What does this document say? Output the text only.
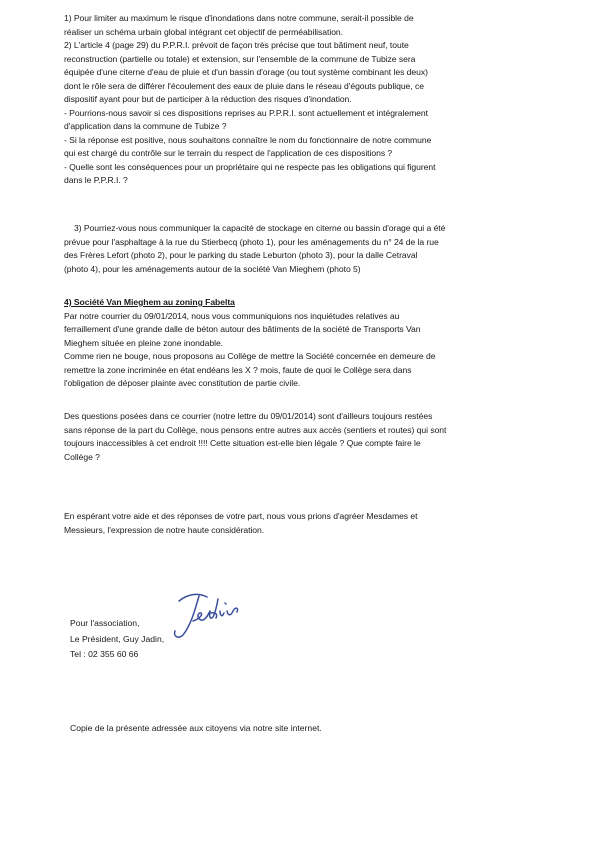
1) Pour limiter au maximum le risque d'inondations dans notre commune, serait-il possible de

réaliser un schéma urbain global intégrant cet objectif de perméabilisation.

2) L'article 4 (page 29) du P.P.R.I. prévoit de façon très précise que tout bâtiment neuf, toute

reconstruction (partielle ou totale) et extension, sur l'ensemble de la commune de Tubize sera

équipée d'une citerne d'eau de pluie et d'un bassin d'orage (ou tout système combinant les deux)

dont le rôle sera de différer l'écoulement des eaux de pluie dans le réseau d'égouts publique, ce

dispositif ayant pour but de participer à la réduction des risques d'inondation.

- Pourrions-nous savoir si ces dispositions reprises au P.P.R.I. sont actuellement et intégralement

d'application dans la commune de Tubize ?

- Si la réponse est positive, nous souhaitons connaître le nom du fonctionnaire de notre commune

qui est chargé du contrôle sur le terrain du respect de l'application de ces dispositions ?

- Quelle sont les conséquences pour un propriétaire qui ne respecte pas les obligations qui figurent

dans le P.P.R.I. ?

3) Pourriez-vous nous communiquer la capacité de stockage en citerne ou bassin d'orage qui a été

prévue pour l'asphaltage à la rue du Stierbecq (photo 1), pour les aménagements du n° 24 de la rue

des Frères Lefort (photo 2), pour le parking du stade Leburton (photo 3), pour la dalle Cetraval

(photo 4), pour les aménagements autour de la société Van Mieghem (photo 5)

4) Société Van Mieghem au zoning Fabelta

Par notre courrier du 09/01/2014, nous vous communiquions nos inquiétudes relatives au

ferraillement d'une grande dalle de béton autour des bâtiments de la société de Transports Van

Mieghem située en pleine zone inondable.

Comme rien ne bouge, nous proposons au Collège de mettre la Société concernée en demeure de

remettre la zone incriminée en état endéans les X ? mois, faute de quoi le Collège sera dans

l'obligation de déposer plainte avec constitution de partie civile.

Des questions posées dans ce courrier (notre lettre du 09/01/2014) sont d'ailleurs toujours restées

sans réponse de la part du Collège, nous pensons entre autres aux accès (sentiers et routes) qui sont

toujours inaccessibles à cet endroit !!!! Cette situation est-elle bien légale ? Que compte faire le

Collège ?

En espérant votre aide et des réponses de votre part, nous vous prions d'agréer Mesdames et

Messieurs, l'expression de notre haute considération.

Pour l'association,

Le Président, Guy Jadin,

Tel : 02 355 60 66

Copie de la présente adressée aux citoyens via notre site internet.
